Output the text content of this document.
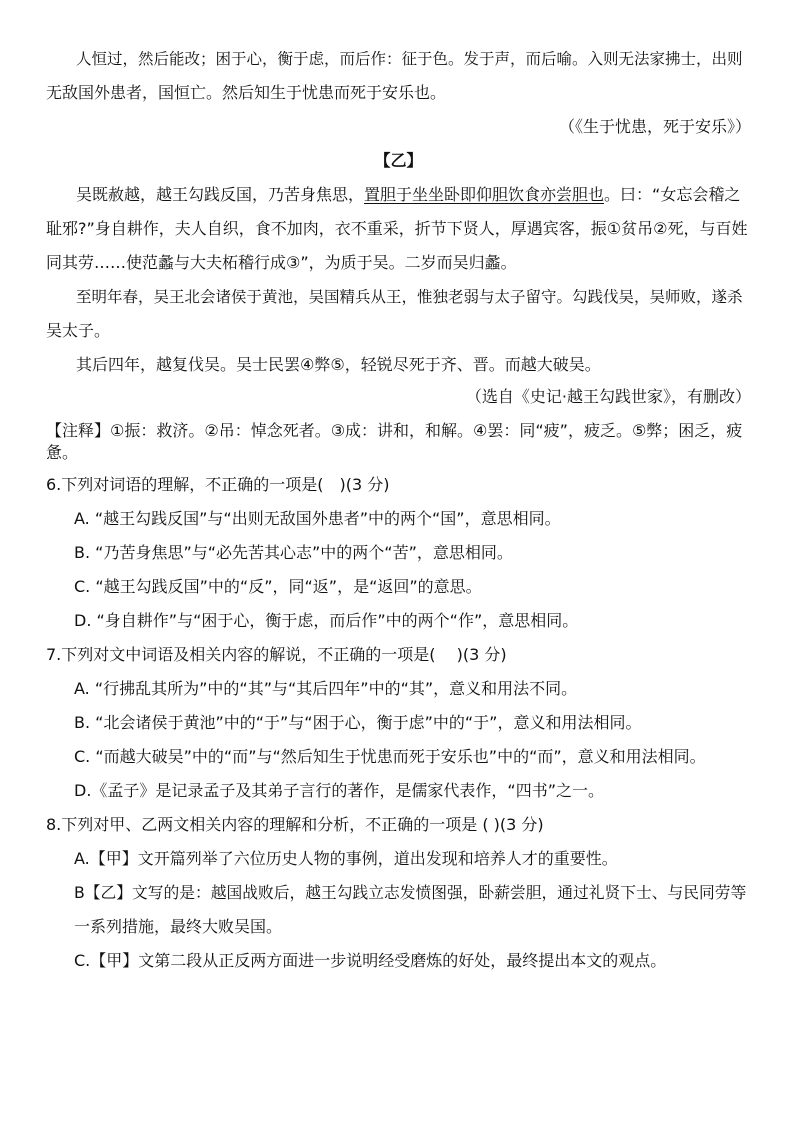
人恒过，然后能改；困于心，衡于虑，而后作：征于色。发于声，而后喻。入则无法家拂士，出则
无敌国外患者，国恒亡。然后知生于忧患而死于安乐也。
（《生于忧患，死于安乐》）
【乙】
吴既赦越，越王勾践反国，乃苦身焦思，置胆于坐坐卧即仰胆饮食亦尝胆也。曰：“女忘会稽之
耻邪?”身自耕作，夫人自织，食不加肉，衣不重采，折节下贤人，厚遇宾客，振①贫吊②死，与百姓
同其劳……使范蠡与大夫柘稽行成③”，为质于吴。二岁而吴归蠡。
至明年春，吴王北会诸侯于黄池，吴国精兵从王，惟独老弱与太子留守。勾践伐吴，吴师败，遂杀
吴太子。
其后四年，越复伐吴。吴士民罢④弊⑤，轻锐尽死于齐、晋。而越大破吴。
（选自《史记·越王勾践世家》，有删改）
【注释】①振：救济。②吊：悼念死者。③成：讲和，和解。④罢：同“疲”，疲乏。⑤弊；困乏，疲
惫。
6.下列对词语的理解，不正确的一项是(　)(3 分)
A. “越王勾践反国”与“出则无敌国外患者”中的两个“国”，意思相同。
B. “乃苦身焦思”与“必先苦其心志”中的两个“苦”，意思相同。
C. “越王勾践反国”中的“反”，同“返”，是“返回”的意思。
D. “身自耕作”与“困于心，衡于虑，而后作”中的两个“作”，意思相同。
7.下列对文中词语及相关内容的解说，不正确的一项是(　 )(3 分)
A. “行拂乱其所为”中的“其”与“其后四年”中的“其”，意义和用法不同。
B. “北会诸侯于黄池”中的“于”与“困于心，衡于虑”中的“于”，意义和用法相同。
C. “而越大破吴”中的“而”与“然后知生于忧患而死于安乐也”中的“而”，意义和用法相同。
D.《孟子》是记录孟子及其弟子言行的著作，是儒家代表作，“四书”之一。
8.下列对甲、乙两文相关内容的理解和分析，不正确的一项是 ( )(3 分)
A.【甲】文开篇列举了六位历史人物的事例，道出发现和培养人才的重要性。
B【乙】文写的是：越国战败后，越王勾践立志发愤图强，卧薪尝胆，通过礼贤下士、与民同劳等
一系列措施，最终大败吴国。
C.【甲】文第二段从正反两方面进一步说明经受磨炼的好处，最终提出本文的观点。
